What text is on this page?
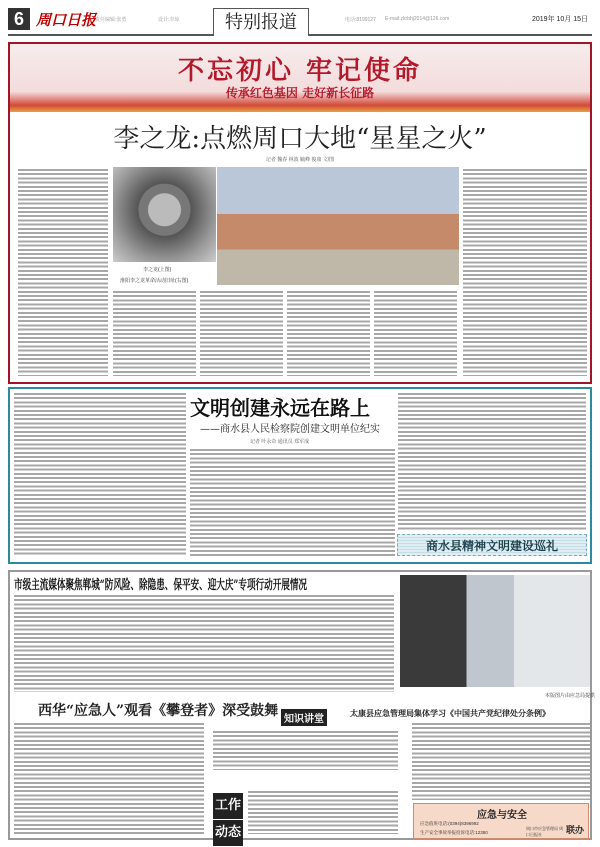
6 周口日报
责任编辑:张勇	设计:李琼	特别报道	电话:8199127 E-mail:zkrbhj2014@126.com	2019年 10月 15日
不忘初心 牢记使命
传承红色基因 走好新长征路
李之龙:点燃周口大地“星星之火”
记者 魏春 林波 毓峰 俊康 文/图
李之龙(上图)
淮阳李之龙革命活动旧址(右图)
文明创建永远在路上
——商水县人民检察院创建文明单位纪实
记者 叶永奇 通讯员 郑军成
商水县精神文明建设巡礼
市级主流媒体聚焦郸城“防风险、除隐患、保平安、迎大庆”专项行动开展情况
本版图片由应急局提供
西华“应急人”观看《攀登者》深受鼓舞
知识讲堂
工作
动态
太康县应急管理局集体学习《中国共产党纪律处分条例》
应急与安全
应急值班电话:(0394)8396992
生产安全事故举报投诉电话:12350
周口市应急管理局 周口日报社	联办
